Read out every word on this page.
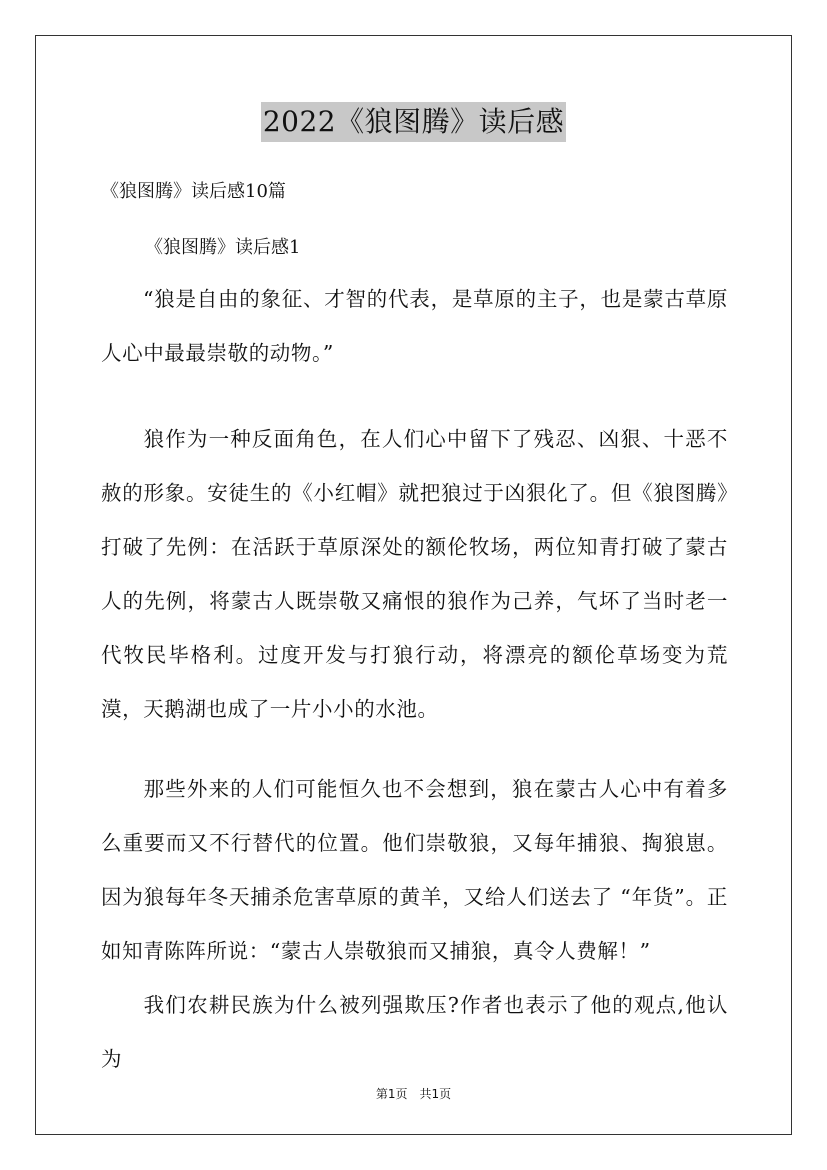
2022《狼图腾》读后感
《狼图腾》读后感10篇
《狼图腾》读后感1
“狼是自由的象征、才智的代表，是草原的主子，也是蒙古草原人心中最最崇敬的动物。”
狼作为一种反面角色，在人们心中留下了残忍、凶狠、十恶不赦的形象。安徒生的《小红帽》就把狼过于凶狠化了。但《狼图腾》打破了先例：在活跃于草原深处的额伦牧场，两位知青打破了蒙古人的先例，将蒙古人既崇敬又痛恨的狼作为己养，气坏了当时老一代牧民毕格利。过度开发与打狼行动，将漂亮的额伦草场变为荒漠，天鹅湖也成了一片小小的水池。
那些外来的人们可能恒久也不会想到，狼在蒙古人心中有着多么重要而又不行替代的位置。他们崇敬狼，又每年捕狼、掏狼崽。因为狼每年冬天捕杀危害草原的黄羊，又给人们送去了 “年货”。正如知青陈阵所说：“蒙古人崇敬狼而又捕狼，真令人费解！”
我们农耕民族为什么被列强欺压?作者也表示了他的观点,他认为
第1页　共1页
